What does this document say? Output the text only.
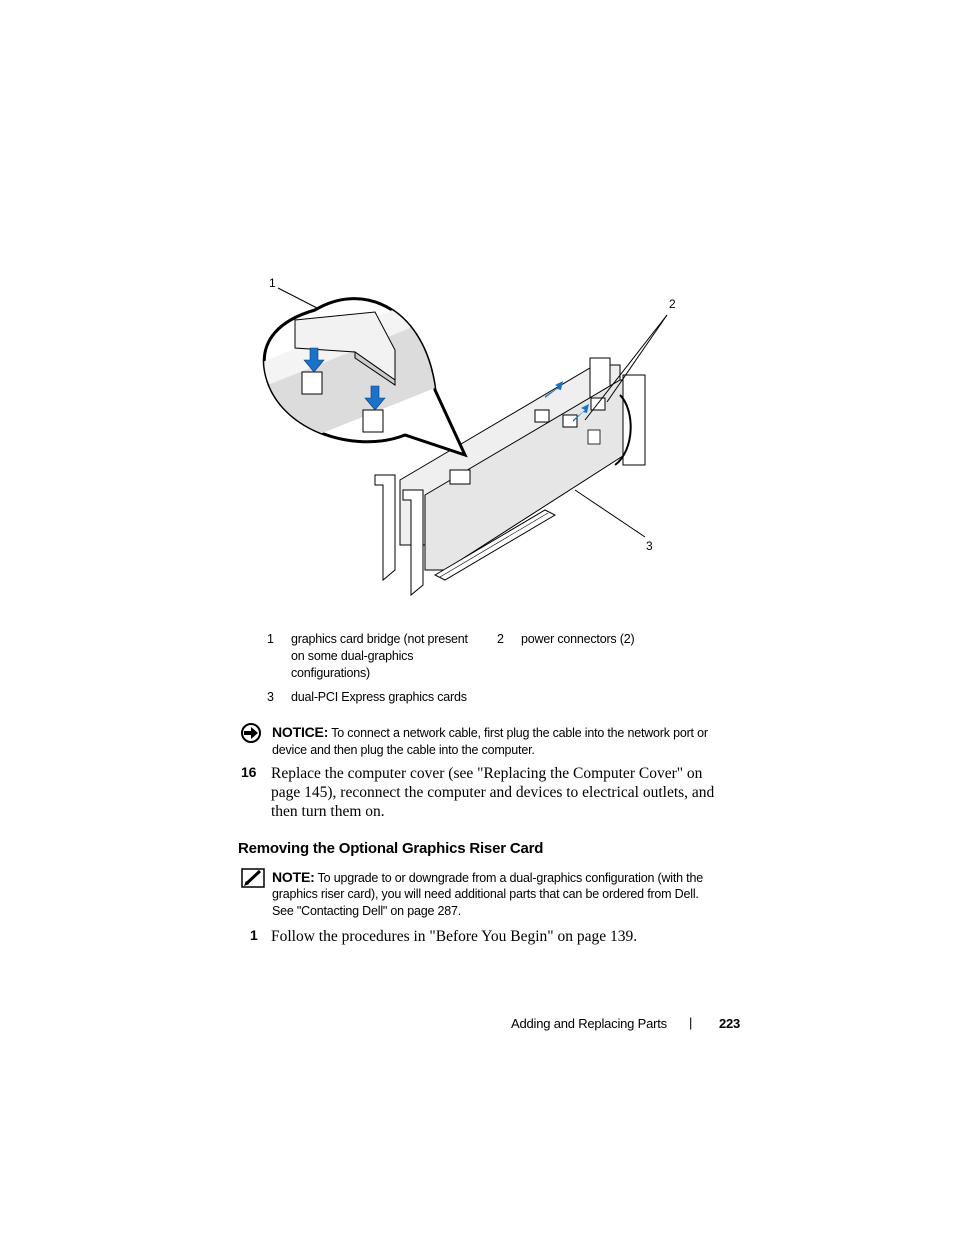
1
2
3
1 graphics card bridge (not present
on some dual-graphics
configurations)
2 power connectors (2)
3 dual-PCI Express graphics cards
NOTICE: To connect a network cable, first plug the cable into the network port or
device and then plug the cable into the computer.
16 Replace the computer cover (see "Replacing the Computer Cover" on
page 145), reconnect the computer and devices to electrical outlets, and
then turn them on.
Removing the Optional Graphics Riser Card
NOTE: To upgrade to or downgrade from a dual-graphics configuration (with the
graphics riser card), you will need additional parts that can be ordered from Dell.
See "Contacting Dell" on page 287.
1 Follow the procedures in "Before You Begin" on page 139.
Adding and Replacing Parts | 223
